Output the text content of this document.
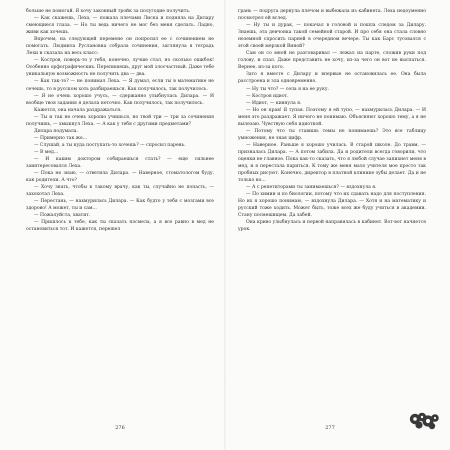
больше не помогай. Я хочу законный тройк за полугодие получить.

— Как скажешь, Леха, — пожала плечами Лиска и подняла на Дилару смеющиеся глаза. — Но ты ведь ничего не мог без меня сделать. Ладно, живи как хочешь.

Впрочем, на следующей перемене он попросил ее с сочинением не помогать. Людмила Руслановна собрала сочинения, заглянула в тетрадь Лехи и сказала на весь класс:

— Костров, поверь-то у тебя, конечно, лучше стал, но сколько ошибок! Особенно орфографических. Перепишешь, друг мой злосчастный. Даже тебе уникальную возможность не получить два — два.

— Как так-то? — не понимал Леха. — Я думал, если ты в математике не сечешь, то в русском хоть разбираешься. Как получилось, так получилось.

— Я не очень хорошо учусь, — сдержанно улыбнулась Дилара. — И вообще твоя задания я делала неточно. Как получилось, так получилось.

Кажется, она начала раздражаться.

— Ты и так не очень хорошо учишься, но твой три — три за сочинения получишь, — хмыкнул Леха. — А как у тебя с другими предметами?

Дилара подумала.

— Примерно так же...

— Слушай, а ты куда поступать-то хочешь? — спросил парень.

— В мед...

— И каким доктором собираешься стать? — еще сильнее заинтересовался Леха.

— Пока не знаю, — ответила Дилара. — Наверное, стоматологом буду, как родители. А что?

— Хочу знать, чтобы к такому врачу, как ты, случайно не попасть, — захохотал Леха.

— Перестань, — нахмурилась Дилара. — Как будто у тебя с мозгами все здорово! А может, ты и сам...

— Пожалуйста, хватит.

— Пришлось к тебе, как ты сказать посмела, а я все равно в мед не остановиться тот. И кажется, перешел

грань — подруга дернула плечом и выбежала из кабинета. Леха недоуменно посмотрел ей вслед.

— Ну ты и дурак, — покачал в головой и пошла следом за Дилару. Знаешь, эта девчонка такой семейной старой. И про себя она стала словно неземной спросить парней в очередном вечере. Ты как Барс тусовался с этой своей мерзкой Виной?

Сам он со мной не разговаривал — лежал на парте, сложив руки под голову, и спал. Даже представить не хочу, из-за чего он вот не выспаться. Вернее, из-за кого.

Зато я вместе с Дилару и впервые не остановилась ее. Она была расстроена и зла одновременно.

— Ну ты что? — села я на ее руку.

— Костров идиот.

— Идиот, — кивнула я.

— Но он прав! Я тупая. Поэтому я ей тупо, — нахмурилась Дилара. — И меня это раздражает. Я ничего не понимаю. Объясняют хорошо тему, а я не вылезаю. Чувствую себя идиоткой.

— Потому что ты ставишь темы не понимаешь? Это все таблицу умножения, не зная цифр.

— Наверное. Раньше я хорошо училась. В старой школе. До травм, — призналась Дилара. — А потом забила. Да и родители всегда говорили, что оценки не главное. Пока как-то сказать, что я любой случае запихнет меня в мед, и я перестала париться. К тому же меня мало учителя мое просто так пробных рисуют. Конечно, директор в платной клинике зубы делает. Да и не только но...

— А с репетиторами ты занимаешься? — вздохнула я.

— По химии и по биологии, потому что их сдавать надо для поступления. Но их я хорошо понимаю, — вздохнула Дилара. — Хотя и на математику и русский тоже ходить. Может быть, тоже всех же буду учиться в академии. Стану посмешищем. Да забей.

Она криво улыбнулась и первой направилась в кабинет. Вот-вот начнется урок.

276	277
